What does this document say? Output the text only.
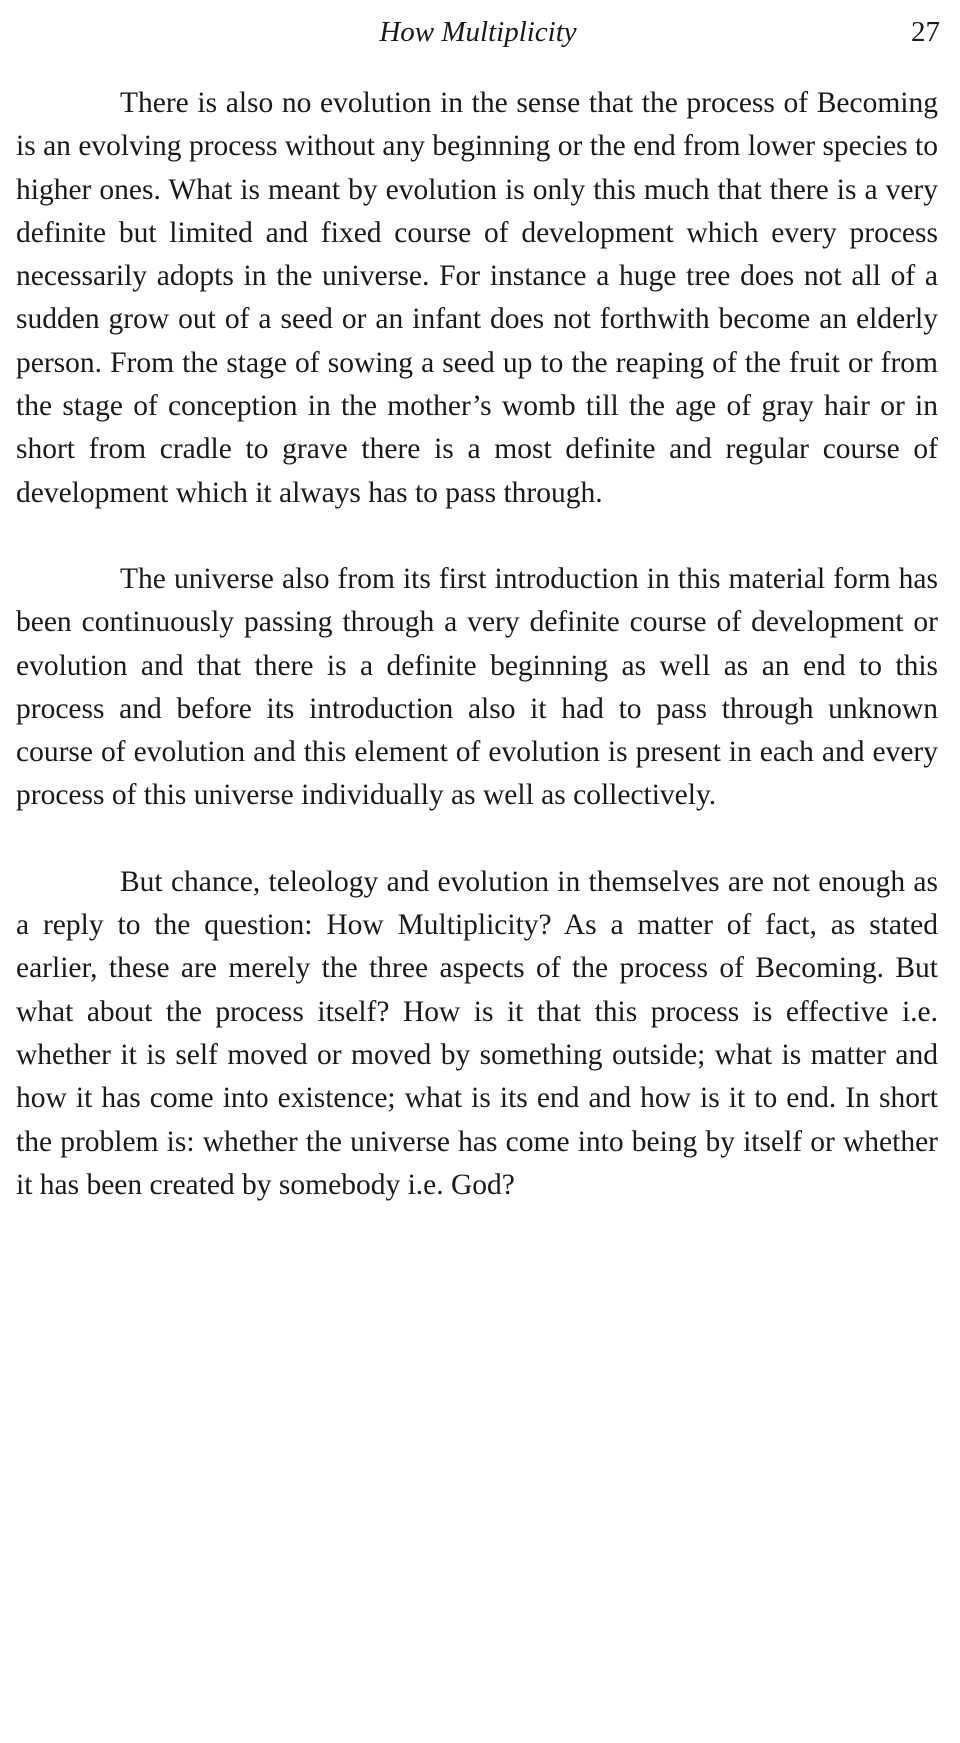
How Multiplicity	27

There is also no evolution in the sense that the process of Becoming is an evolving process without any beginning or the end from lower species to higher ones. What is meant by evolution is only this much that there is a very definite but limited and fixed course of development which every process necessarily adopts in the universe. For instance a huge tree does not all of a sudden grow out of a seed or an infant does not forthwith become an elderly person. From the stage of sowing a seed up to the reaping of the fruit or from the stage of conception in the mother’s womb till the age of gray hair or in short from cradle to grave there is a most definite and regular course of development which it always has to pass through.

The universe also from its first introduction in this material form has been continuously passing through a very definite course of development or evolution and that there is a definite beginning as well as an end to this process and before its introduction also it had to pass through unknown course of evolution and this element of evolution is present in each and every process of this universe individually as well as collectively.

But chance, teleology and evolution in themselves are not enough as a reply to the question: How Multiplicity? As a matter of fact, as stated earlier, these are merely the three aspects of the process of Becoming. But what about the process itself? How is it that this process is effective i.e. whether it is self moved or moved by something outside; what is matter and how it has come into existence; what is its end and how is it to end. In short the problem is: whether the universe has come into being by itself or whether it has been created by somebody i.e. God?
